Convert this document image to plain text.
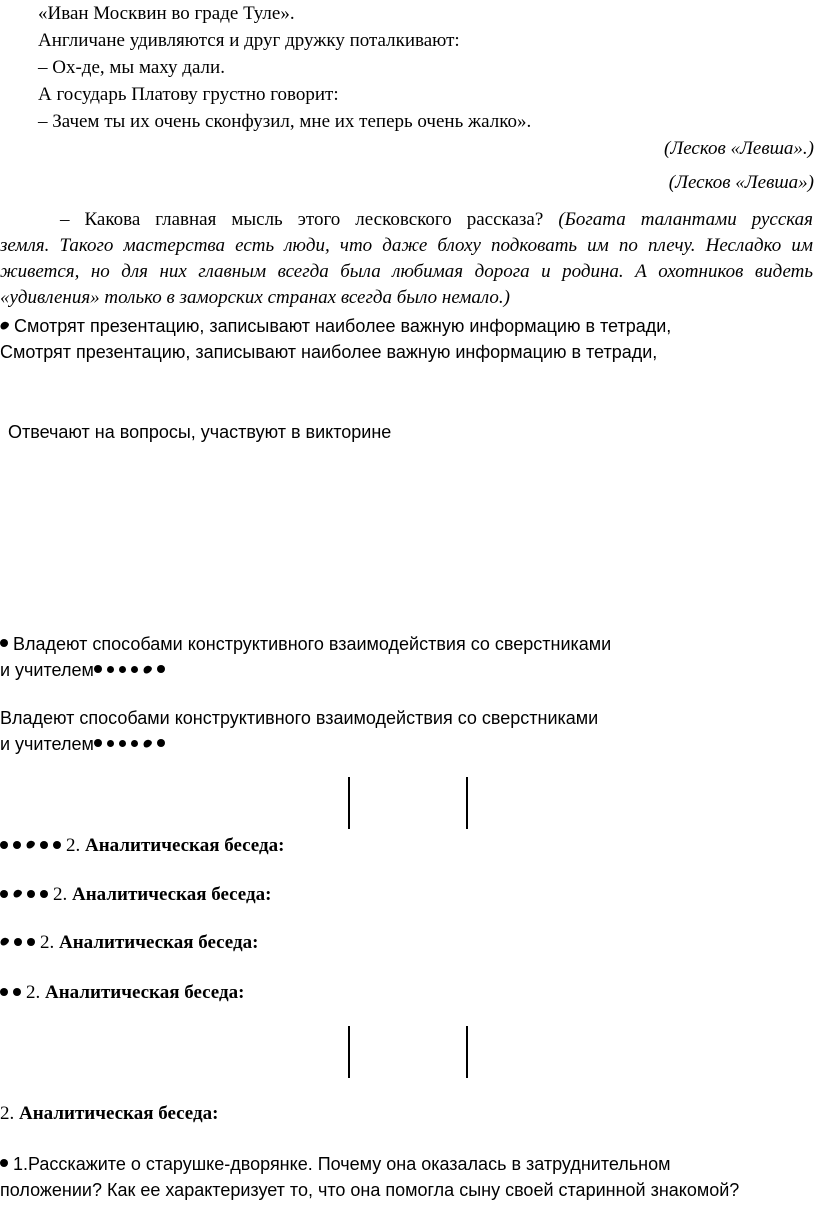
«Иван Москвин во граде Туле».
Англичане удивляются и друг дружку поталкивают:
– Ох-де, мы маху дали.
А государь Платову грустно говорит:
– Зачем ты их очень сконфузил, мне их теперь очень жалко».
(Лесков «Левша».)
(Лесков «Левша»)
– Какова главная мысль этого лесковского рассказа? (Богата талантами русская
земля. Такого мастерства есть люди, что даже блоху подковать им по плечу. Несладко им
живется, но для них главным всегда была любимая дорога и родина. А охотников видеть
«удивления» только в заморских странах всегда было немало.)
Смотрят презентацию, записывают наиболее важную информацию в тетради,
Смотрят презентацию, записывают наиболее важную информацию в тетради,
Отвечают на вопросы, участвуют в викторине
Владеют способами конструктивного взаимодействия со сверстниками
и учителем
Владеют способами конструктивного взаимодействия со сверстниками
и учителем
2. Аналитическая беседа:
2. Аналитическая беседа:
2. Аналитическая беседа:
2. Аналитическая беседа:
2. Аналитическая беседа:
1.Расскажите о старушке-дворянке. Почему она оказалась в затруднительном
положении? Как ее характеризует то, что она помогла сыну своей старинной знакомой?
